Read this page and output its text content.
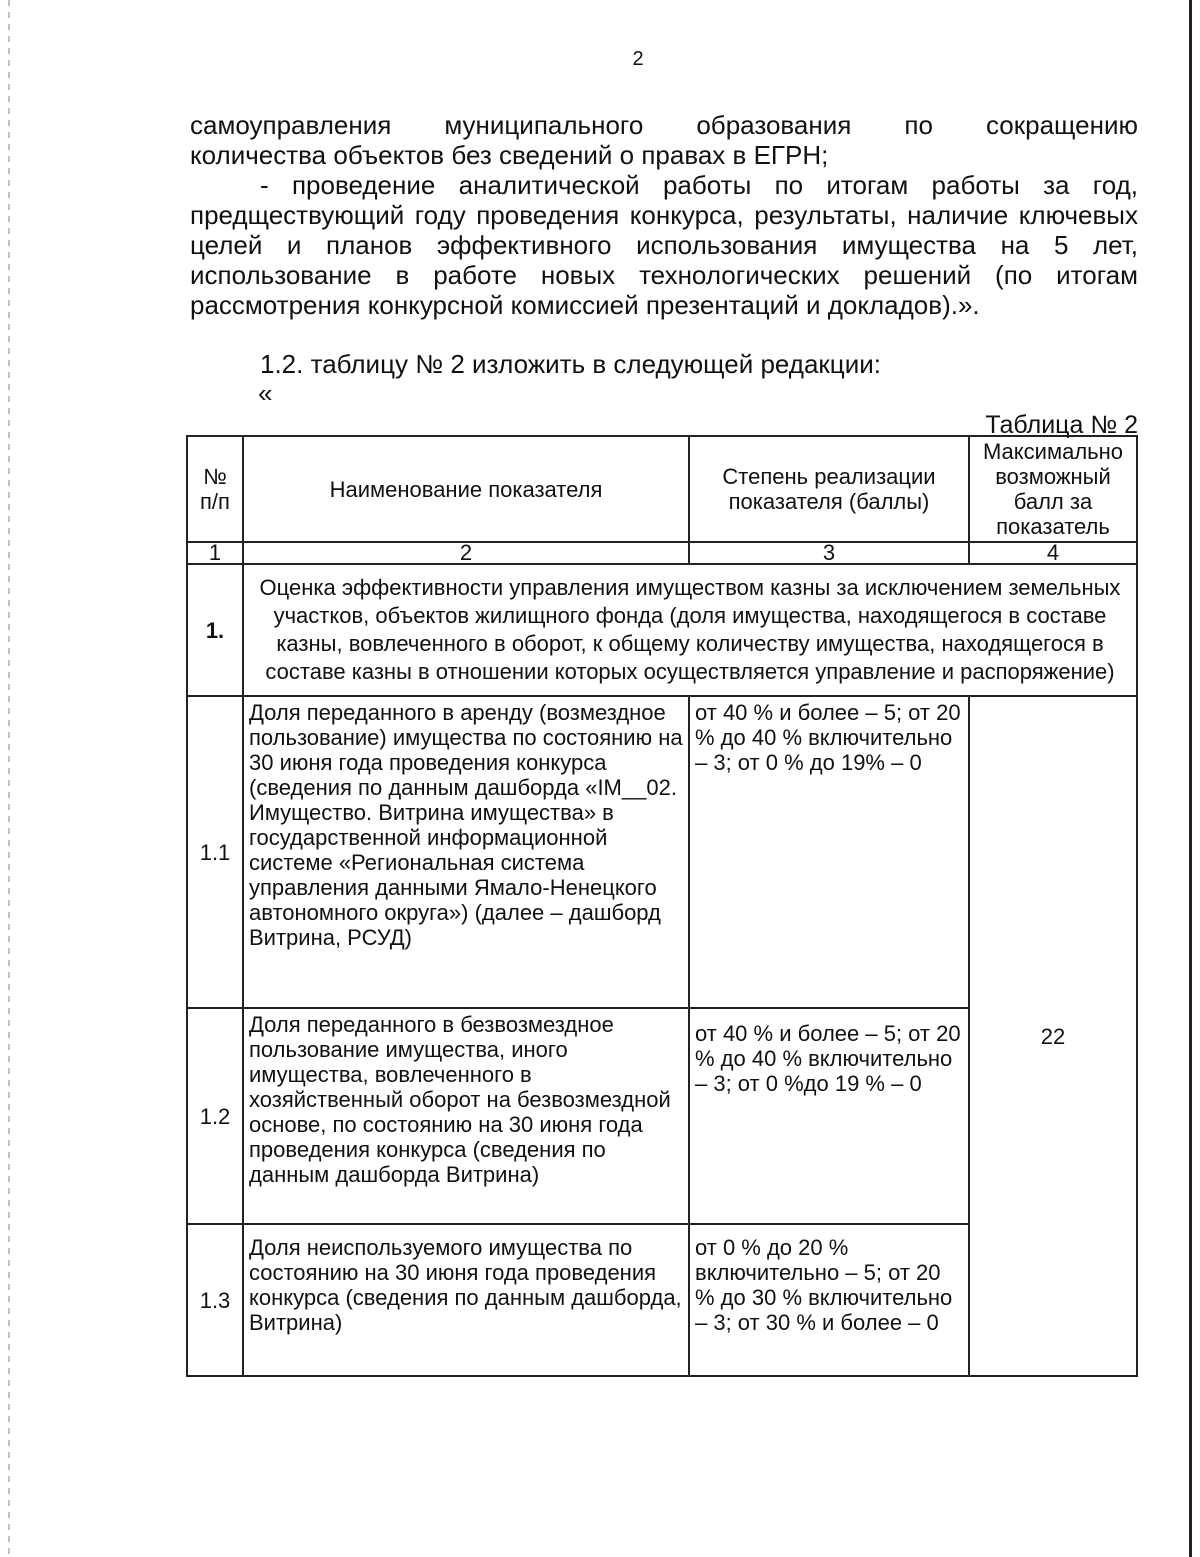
2
самоуправления муниципального образования по сокращению
количества объектов без сведений о правах в ЕГРН;
- проведение аналитической работы по итогам работы за год, предществующий году проведения конкурса, результаты, наличие ключевых целей и планов эффективного использования имущества на 5 лет, использование в работе новых технологических решений (по итогам рассмотрения конкурсной комиссией презентаций и докладов).».
1.2. таблицу № 2 изложить в следующей редакции:
«
Таблица № 2
№ п/п	Наименование показателя	Степень реализации показателя (баллы)	Максимально возможный балл за показатель
1	2	3	4
1.	Оценка эффективности управления имуществом казны за исключением земельных участков, объектов жилищного фонда (доля имущества, находящегося в составе казны, вовлеченного в оборот, к общему количеству имущества, находящегося в составе казны в отношении которых осуществляется управление и распоряжение)		
1.1	Доля переданного в аренду (возмездное пользование) имущества по состоянию на 30 июня года проведения конкурса (сведения по данным дашборда «IM__02. Имущество. Витрина имущества» в государственной информационной системе «Региональная система управления данными Ямало-Ненецкого автономного округа») (далее – дашборд Витрина, РСУД)	от 40 % и более – 5; от 20 % до 40 % включительно – 3; от 0 % до 19% – 0	22
1.2	Доля переданного в безвозмездное пользование имущества, иного имущества, вовлеченного в хозяйственный оборот на безвозмездной основе, по состоянию на 30 июня года проведения конкурса (сведения по данным дашборда Витрина)	от 40 % и более – 5; от 20 % до 40 % включительно – 3; от 0 %до 19 % – 0	
1.3	Доля неиспользуемого имущества по состоянию на 30 июня года проведения конкурса (сведения по данным дашборда, Витрина)	от 0 % до 20 % включительно – 5; от 20 % до 30 % включительно – 3; от 30 % и более – 0	
